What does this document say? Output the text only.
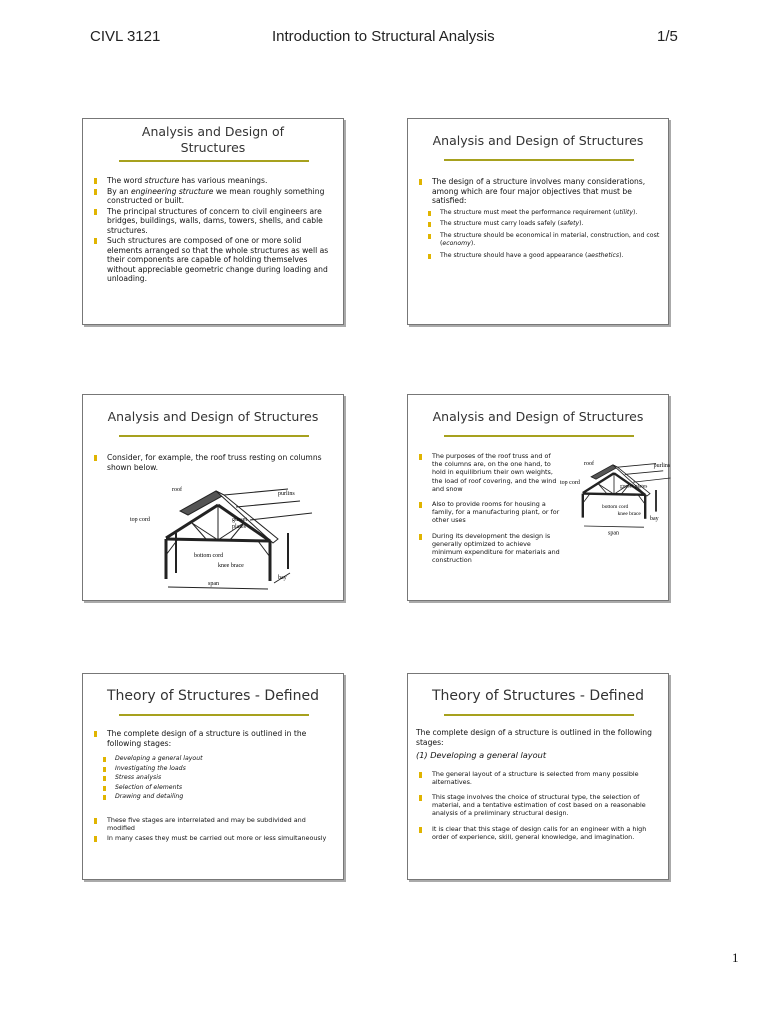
CIVL 3121	Introduction to Structural Analysis	1/5
Analysis and Design of
Structures
The word structure has various meanings.
By an engineering structure we mean roughly something constructed or built.
The principal structures of concern to civil engineers are bridges, buildings, walls, dams, towers, shells, and cable structures.
Such structures are composed of one or more solid elements arranged so that the whole structures as well as their components are capable of holding themselves without appreciable geometric change during loading and unloading.
Analysis and Design of Structures
The design of a structure involves many considerations, among which are four major objectives that must be satisfied:
The structure must meet the performance requirement (utility).
The structure must carry loads safely (safety).
The structure should be economical in material, construction, and cost (economy).
The structure should have a good appearance (aesthetics).
Analysis and Design of Structures
Consider, for example, the roof truss resting on columns shown below.
roof
purlins
top cord	gusset
plates
bottom cord
knee brace
span
bay
Analysis and Design of Structures
The purposes of the roof truss and of the columns are, on the one hand, to hold in equilibrium their own weights, the load of roof covering, and the wind and snow
Also to provide rooms for housing a family, for a manufacturing plant, or for other uses
During its development the design is generally optimized to achieve minimum expenditure for materials and construction
roof	purlins
top cord
gusset plates
bottom cord
knee brace
span
bay
Theory of Structures - Defined
The complete design of a structure is outlined in the following stages:
Developing a general layout
Investigating the loads
Stress analysis
Selection of elements
Drawing and detailing
These five stages are interrelated and may be subdivided and modified
In many cases they must be carried out more or less simultaneously
Theory of Structures - Defined
The complete design of a structure is outlined in the following stages:
(1) Developing a general layout
The general layout of a structure is selected from many possible alternatives.
This stage involves the choice of structural type, the selection of material, and a tentative estimation of cost based on a reasonable analysis of a preliminary structural design.
It is clear that this stage of design calls for an engineer with a high order of experience, skill, general knowledge, and imagination.
1
